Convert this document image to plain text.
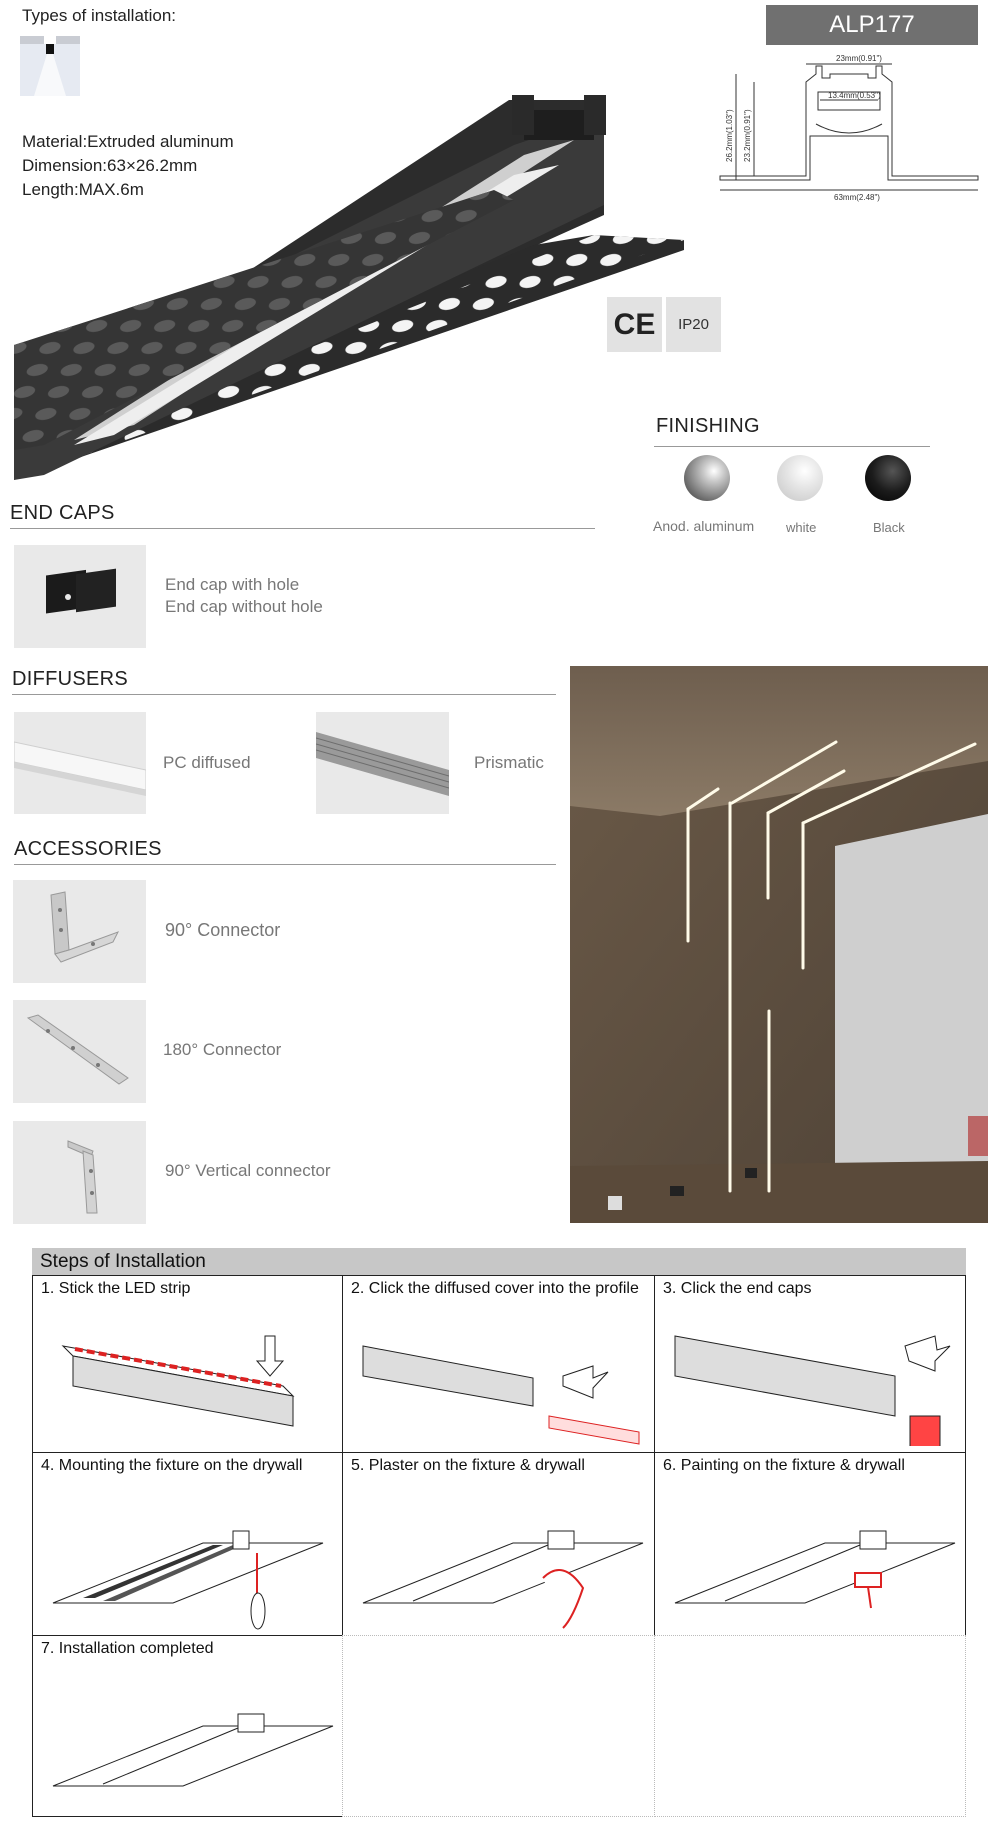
Types of installation:
Material:Extruded aluminum
Dimension:63×26.2mm
Length:MAX.6m
ALP177
23mm(0.91")
13.4mm(0.53")
63mm(2.48")
26.2mm(1.03") 23.2mm(0.91")
CE	IP20
FINISHING
Anod. aluminum white	Black
END CAPS
End cap with hole
End cap without hole
DIFFUSERS
PC diffused	Prismatic
ACCESSORIES
90° Connector
180° Connector
90° Vertical connector
Steps of Installation
1. Stick the LED strip	2. Click the diffused cover into the profile 3. Click the end caps
4. Mounting the fixture on the drywall	5. Plaster on the fixture & drywall	6. Painting on the fixture & drywall
7. Installation completed
